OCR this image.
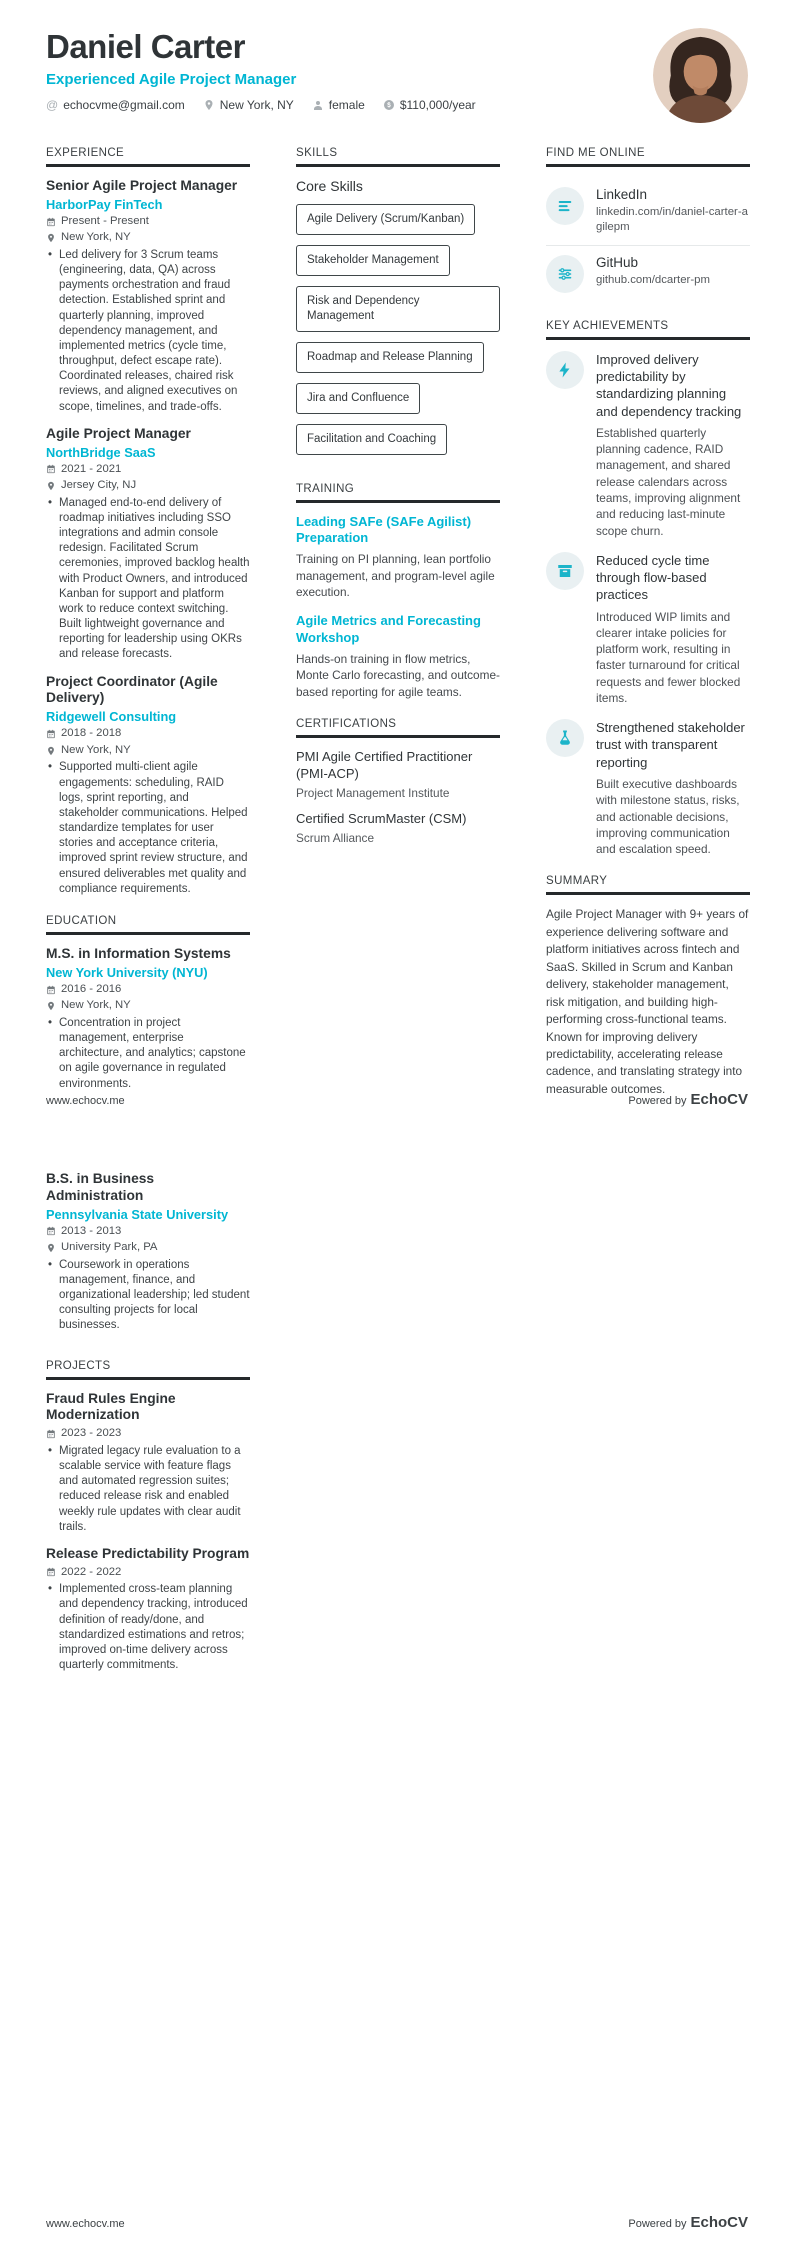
Daniel Carter
Experienced Agile Project Manager
@ echocvme@gmail.com	New York, NY	female	$110,000/year
EXPERIENCE
Senior Agile Project Manager
HarborPay FinTech
Present - Present
New York, NY
• Led delivery for 3 Scrum teams (engineering, data, QA) across payments orchestration and fraud detection. Established sprint and quarterly planning, improved dependency management, and implemented metrics (cycle time, throughput, defect escape rate). Coordinated releases, chaired risk reviews, and aligned executives on scope, timelines, and trade-offs.
Agile Project Manager
NorthBridge SaaS
2021 - 2021
Jersey City, NJ
• Managed end-to-end delivery of roadmap initiatives including SSO integrations and admin console redesign. Facilitated Scrum ceremonies, improved backlog health with Product Owners, and introduced Kanban for support and platform work to reduce context switching. Built lightweight governance and reporting for leadership using OKRs and release forecasts.
Project Coordinator (Agile Delivery)
Ridgewell Consulting
2018 - 2018
New York, NY
• Supported multi-client agile engagements: scheduling, RAID logs, sprint reporting, and stakeholder communications. Helped standardize templates for user stories and acceptance criteria, improved sprint review structure, and ensured deliverables met quality and compliance requirements.
EDUCATION
M.S. in Information Systems
New York University (NYU)
2016 - 2016
New York, NY
• Concentration in project management, enterprise architecture, and analytics; capstone on agile governance in regulated environments.
SKILLS
Core Skills
Agile Delivery (Scrum/Kanban)
Stakeholder Management
Risk and Dependency Management
Roadmap and Release Planning
Jira and Confluence
Facilitation and Coaching
TRAINING
Leading SAFe (SAFe Agilist) Preparation
Training on PI planning, lean portfolio management, and program-level agile execution.
Agile Metrics and Forecasting Workshop
Hands-on training in flow metrics, Monte Carlo forecasting, and outcome-based reporting for agile teams.
CERTIFICATIONS
PMI Agile Certified Practitioner (PMI-ACP)
Project Management Institute
Certified ScrumMaster (CSM)
Scrum Alliance
FIND ME ONLINE
LinkedIn
linkedin.com/in/daniel-carter-agilepm
GitHub
github.com/dcarter-pm
KEY ACHIEVEMENTS
Improved delivery predictability by standardizing planning and dependency tracking
Established quarterly planning cadence, RAID management, and shared release calendars across teams, improving alignment and reducing last-minute scope churn.
Reduced cycle time through flow-based practices
Introduced WIP limits and clearer intake policies for platform work, resulting in faster turnaround for critical requests and fewer blocked items.
Strengthened stakeholder trust with transparent reporting
Built executive dashboards with milestone status, risks, and actionable decisions, improving communication and escalation speed.
SUMMARY
Agile Project Manager with 9+ years of experience delivering software and platform initiatives across fintech and SaaS. Skilled in Scrum and Kanban delivery, stakeholder management, risk mitigation, and building high-performing cross-functional teams. Known for improving delivery predictability, accelerating release cadence, and translating strategy into measurable outcomes.
www.echocv.me	Powered by EchoCV
B.S. in Business Administration
Pennsylvania State University
2013 - 2013
University Park, PA
• Coursework in operations management, finance, and organizational leadership; led student consulting projects for local businesses.
PROJECTS
Fraud Rules Engine Modernization
2023 - 2023
• Migrated legacy rule evaluation to a scalable service with feature flags and automated regression suites; reduced release risk and enabled weekly rule updates with clear audit trails.
Release Predictability Program
2022 - 2022
• Implemented cross-team planning and dependency tracking, introduced definition of ready/done, and standardized estimations and retros; improved on-time delivery across quarterly commitments.
www.echocv.me	Powered by EchoCV
